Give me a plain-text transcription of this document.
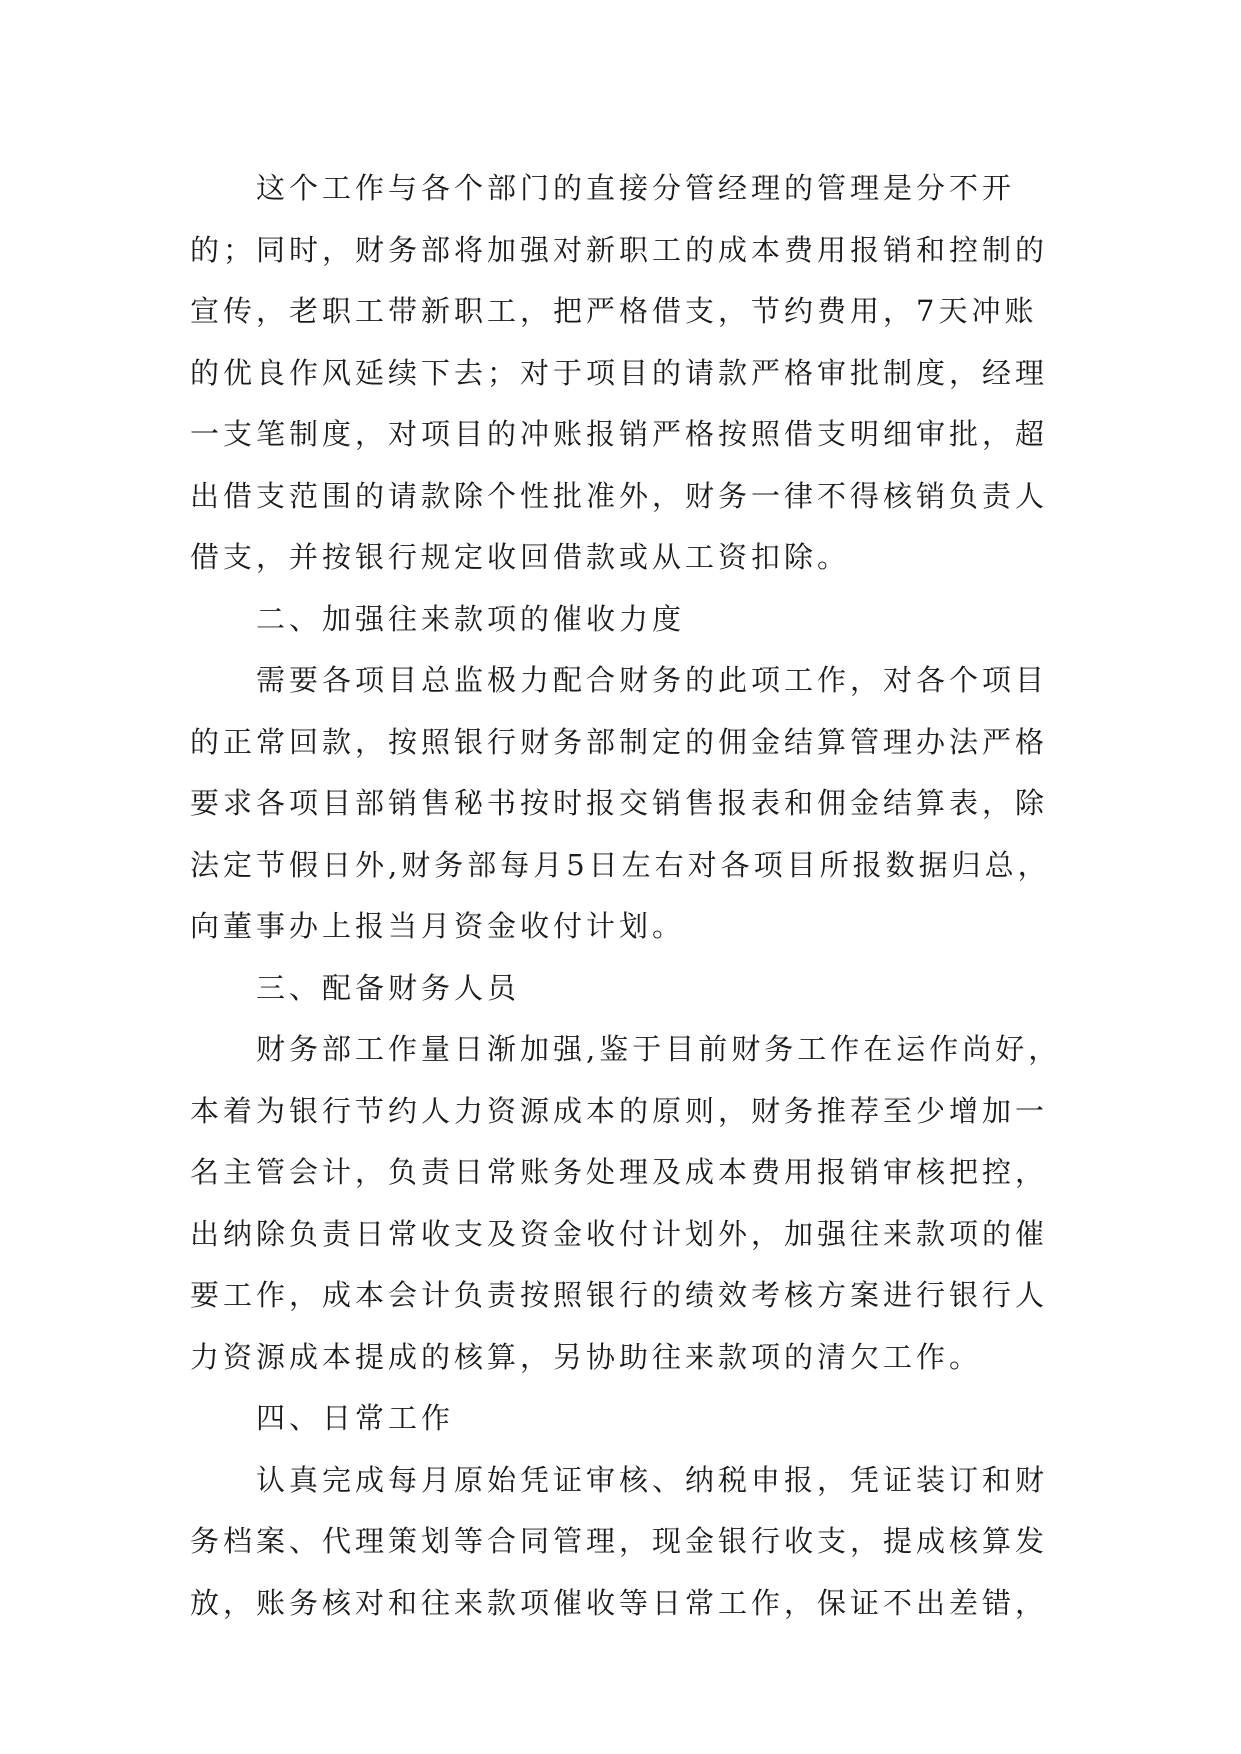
这个工作与各个部门的直接分管经理的管理是分不开
的；同时，财务部将加强对新职工的成本费用报销和控制的
宣传，老职工带新职工，把严格借支，节约费用，7天冲账
的优良作风延续下去；对于项目的请款严格审批制度，经理
一支笔制度，对项目的冲账报销严格按照借支明细审批，超
出借支范围的请款除个性批准外，财务一律不得核销负责人
借支，并按银行规定收回借款或从工资扣除。
二、加强往来款项的催收力度
需要各项目总监极力配合财务的此项工作，对各个项目
的正常回款，按照银行财务部制定的佣金结算管理办法严格
要求各项目部销售秘书按时报交销售报表和佣金结算表，除
法定节假日外,财务部每月5日左右对各项目所报数据归总，
向董事办上报当月资金收付计划。
三、配备财务人员
财务部工作量日渐加强,鉴于目前财务工作在运作尚好，
本着为银行节约人力资源成本的原则，财务推荐至少增加一
名主管会计，负责日常账务处理及成本费用报销审核把控，
出纳除负责日常收支及资金收付计划外，加强往来款项的催
要工作，成本会计负责按照银行的绩效考核方案进行银行人
力资源成本提成的核算，另协助往来款项的清欠工作。
四、日常工作
认真完成每月原始凭证审核、纳税申报，凭证装订和财
务档案、代理策划等合同管理，现金银行收支，提成核算发
放，账务核对和往来款项催收等日常工作，保证不出差错，
